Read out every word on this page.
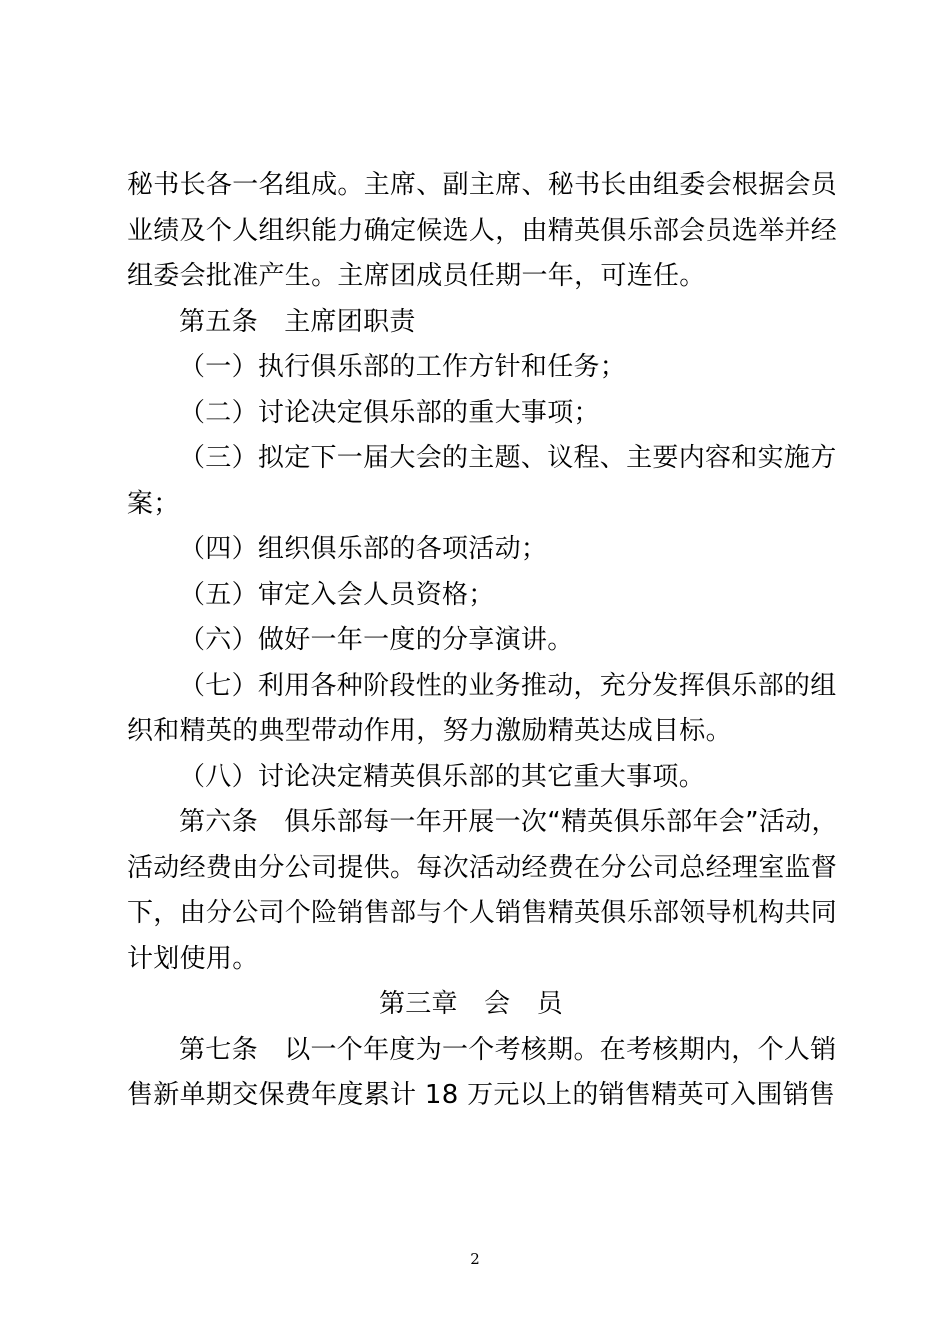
秘书长各一名组成。主席、副主席、秘书长由组委会根据会员
业绩及个人组织能力确定候选人，由精英俱乐部会员选举并经
组委会批准产生。主席团成员任期一年，可连任。
第五条　主席团职责
（一）执行俱乐部的工作方针和任务；
（二）讨论决定俱乐部的重大事项；
（三）拟定下一届大会的主题、议程、主要内容和实施方
案；
（四）组织俱乐部的各项活动；
（五）审定入会人员资格；
（六）做好一年一度的分享演讲。
（七）利用各种阶段性的业务推动，充分发挥俱乐部的组
织和精英的典型带动作用，努力激励精英达成目标。
（八）讨论决定精英俱乐部的其它重大事项。
第六条　俱乐部每一年开展一次“精英俱乐部年会”活动，
活动经费由分公司提供。每次活动经费在分公司总经理室监督
下，由分公司个险销售部与个人销售精英俱乐部领导机构共同
计划使用。
第三章　会　员
第七条　以一个年度为一个考核期。在考核期内，个人销
售新单期交保费年度累计 18 万元以上的销售精英可入围销售
2
